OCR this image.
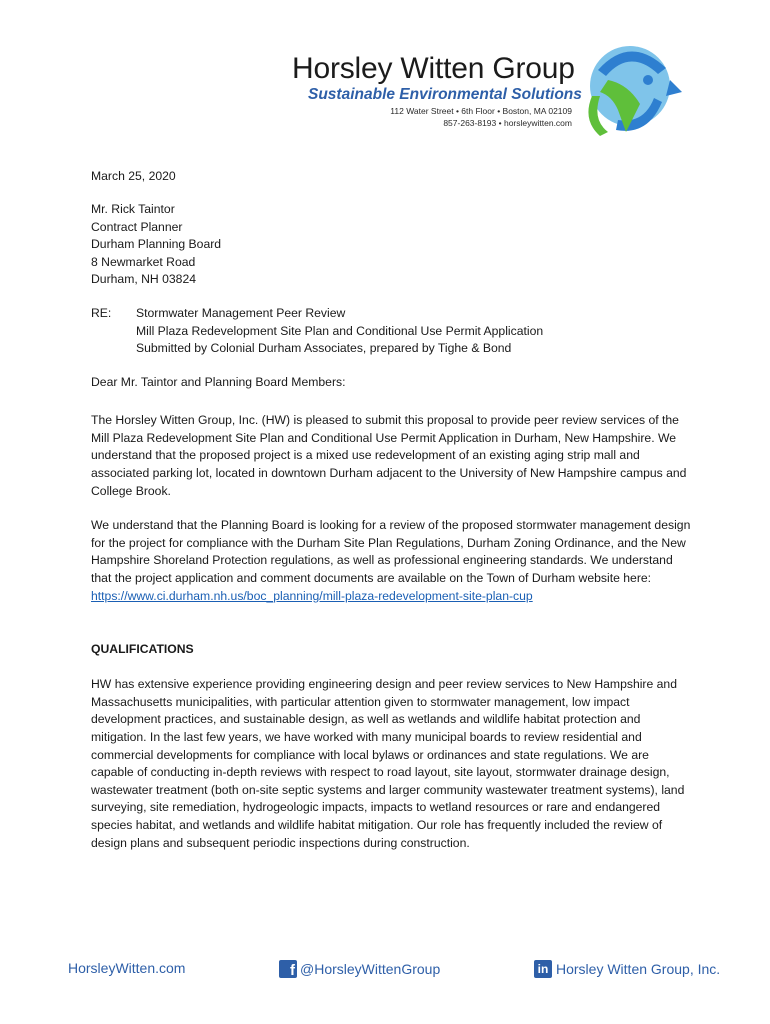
Horsley Witten Group
Sustainable Environmental Solutions
112 Water Street • 6th Floor • Boston, MA 02109
857-263-8193 • horsleywitten.com
March 25, 2020
Mr. Rick Taintor
Contract Planner
Durham Planning Board
8 Newmarket Road
Durham, NH 03824
RE:	Stormwater Management Peer Review
Mill Plaza Redevelopment Site Plan and Conditional Use Permit Application
Submitted by Colonial Durham Associates, prepared by Tighe & Bond
Dear Mr. Taintor and Planning Board Members:

The Horsley Witten Group, Inc. (HW) is pleased to submit this proposal to provide peer review services of the Mill Plaza Redevelopment Site Plan and Conditional Use Permit Application in Durham, New Hampshire. We understand that the proposed project is a mixed use redevelopment of an existing aging strip mall and associated parking lot, located in downtown Durham adjacent to the University of New Hampshire campus and College Brook.

We understand that the Planning Board is looking for a review of the proposed stormwater management design for the project for compliance with the Durham Site Plan Regulations, Durham Zoning Ordinance, and the New Hampshire Shoreland Protection regulations, as well as professional engineering standards. We understand that the project application and comment documents are available on the Town of Durham website here: https://www.ci.durham.nh.us/boc_planning/mill-plaza-redevelopment-site-plan-cup

QUALIFICATIONS

HW has extensive experience providing engineering design and peer review services to New Hampshire and Massachusetts municipalities, with particular attention given to stormwater management, low impact development practices, and sustainable design, as well as wetlands and wildlife habitat protection and mitigation. In the last few years, we have worked with many municipal boards to review residential and commercial developments for compliance with local bylaws or ordinances and state regulations. We are capable of conducting in-depth reviews with respect to road layout, site layout, stormwater drainage design, wastewater treatment (both on-site septic systems and larger community wastewater treatment systems), land surveying, site remediation, hydrogeologic impacts, impacts to wetland resources or rare and endangered species habitat, and wetlands and wildlife habitat mitigation. Our role has frequently included the review of design plans and subsequent periodic inspections during construction.

HorsleyWitten.com	f @HorsleyWittenGroup	in Horsley Witten Group, Inc.
